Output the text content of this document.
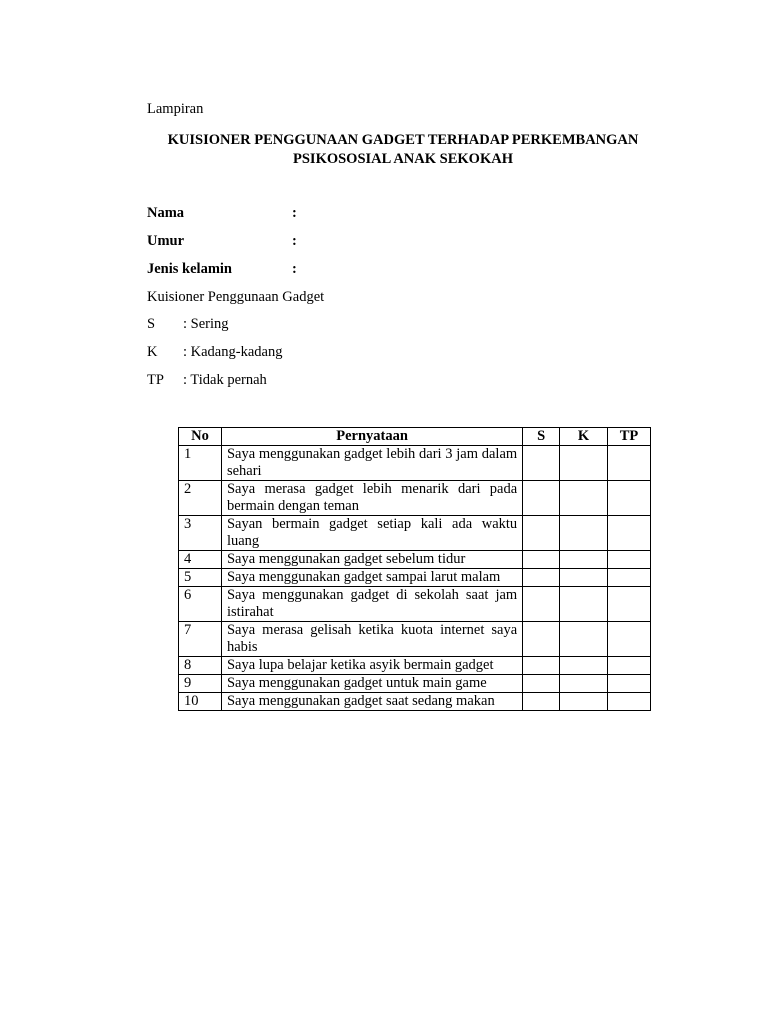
Lampiran
KUISIONER PENGGUNAAN GADGET TERHADAP PERKEMBANGAN
PSIKOSOSIAL ANAK SEKOKAH
Nama	:
Umur	:
Jenis kelamin	:
Kuisioner Penggunaan Gadget
S : Sering
K : Kadang-kadang
TP : Tidak pernah
No	Pernyataan	S	K	TP
1	Saya menggunakan gadget lebih dari 3 jam dalam sehari			
2	Saya merasa gadget lebih menarik dari pada bermain dengan teman			
3	Sayan bermain gadget setiap kali ada waktu luang			
4	Saya menggunakan gadget sebelum tidur			
5	Saya menggunakan gadget sampai larut malam			
6	Saya menggunakan gadget di sekolah saat jam istirahat			
7	Saya merasa gelisah ketika kuota internet saya habis			
8	Saya lupa belajar ketika asyik bermain gadget			
9	Saya menggunakan gadget untuk main game			
10	Saya menggunakan gadget saat sedang makan			
